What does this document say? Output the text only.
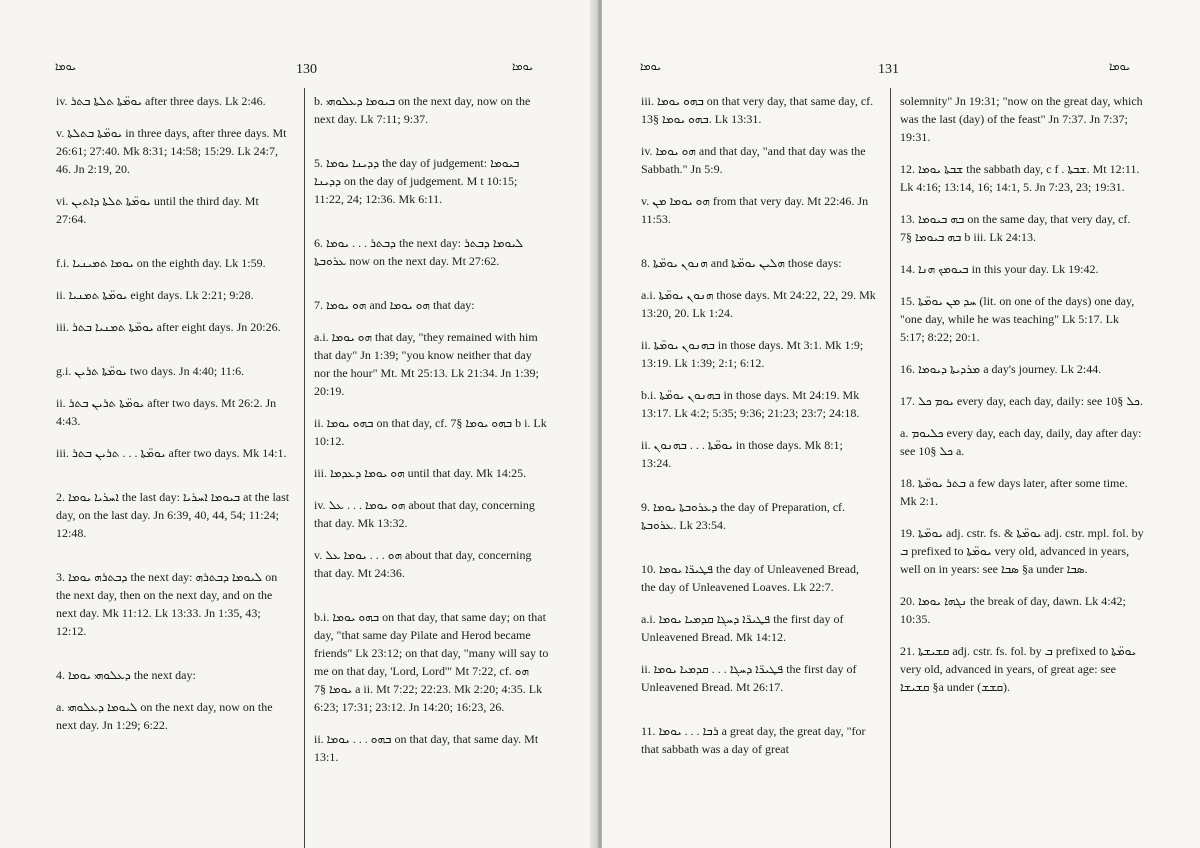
ܝܘܡܐ	130	ܝܘܡܐ

iv. ܝܘܡ̈ܬܐ ܬܠܬܐ ܒܬܪ after three days. Lk 2:46.

v. ܝܘܡ̈ܬܐ ܒܬܠܬܐ in three days, after three days. Mt 26:61; 27:40. Mk 8:31; 14:58; 15:29. Lk 24:7, 46. Jn 2:19, 20.

vi. ܝܘܡ̈ܬܐ ܬܠܬܐ ܕܐܬܝܢ until the third day. Mt 27:64.

f.i. ܝܘܡܐ ܬܡܝܢܝܐ on the eighth day. Lk 1:59.

ii. ܝܘܡ̈ܬܐ ܬܡܢܝܐ eight days. Lk 2:21; 9:28.

iii. ܝܘܡ̈ܬܐ ܬܡܢܝܐ ܒܬܪ after eight days. Jn 20:26.

g.i. ܝܘܡ̈ܬܐ ܬܪܝܢ two days. Jn 4:40; 11:6.

ii. ܝܘܡ̈ܬܐ ܬܪܝܢ ܒܬܪ after two days. Mt 26:2. Jn 4:43.

iii. ܝܘܡ̈ܬܐ . . . ܬܪܝܢ ܒܬܪ after two days. Mk 14:1.

2. ܐܚܪܝܐ ܝܘܡܐ the last day: ܒܝܘܡܐ ܐܚܪܝܐ at the last day, on the last day. Jn 6:39, 40, 44, 54; 11:24; 12:48.

3. ܕܒܬܪܗ ܝܘܡܐ the next day: ܠܝܘܡܐ ܕܒܬܪܗ on the next day, then on the next day, and on the next day. Mk 11:12. Lk 13:33. Jn 1:35, 43; 12:12.

4. ܕܥܠܘܗܝ ܝܘܡܐ the next day:

a. ܠܝܘܡܐ ܕܥܠܘܗܝ on the next day, now on the next day. Jn 1:29; 6:22.

b. ܒܝܘܡܐ ܕܥܠܘܗܝ on the next day, now on the next day. Lk 7:11; 9:37.

5. ܕܕܝܢܐ ܝܘܡܐ the day of judgement: ܒܝܘܡܐ ܕܕܝܢܐ on the day of judgement. M t 10:15; 11:22, 24; 12:36. Mk 6:11.

6. ܕܒܬܪ . . . ܝܘܡܐ the next day: ܠܝܘܡܐ ܕܒܬܪ ܥܪܘܒܬܐ now on the next day. Mt 27:62.

7. ܗܘ ܝܘܡܐ and ܗܘ ܝܘܡܐ that day:

a.i. ܗܘ ܝܘܡܐ that day, "they remained with him that day" Jn 1:39; "you know neither that day nor the hour" Mt. Mt 25:13. Lk 21:34. Jn 1:39; 20:19.

ii. ܒܗܘ ܝܘܡܐ on that day, cf. ܒܗܘ ܝܘܡܐ §7 b i. Lk 10:12.

iii. ܗܘ ܝܘܡܐ ܕܥܕܡܐ until that day. Mk 14:25.

iv. ܗܘ ܝܘܡܐ . . . ܥܠ about that day, concerning that day. Mk 13:32.

v. ܗܘ . . . ܝܘܡܐ ܥܠ about that day, concerning that day. Mt 24:36.

b.i. ܒܗܘ ܝܘܡܐ on that day, that same day; on that day, "that same day Pilate and Herod became friends" Lk 23:12; on that day, "many will say to me on that day, 'Lord, Lord'" Mt 7:22, cf. ܗܘ ܝܘܡܐ §7 a ii. Mt 7:22; 22:23. Mk 2:20; 4:35. Lk 6:23; 17:31; 23:12. Jn 14:20; 16:23, 26.

ii. ܒܗܘ . . . ܝܘܡܐ on that day, that same day. Mt 13:1.

ܝܘܡܐ	131	ܝܘܡܐ

iii. ܒܗܘ ܝܘܡܐ on that very day, that same day, cf. ܒܗܘ ܝܘܡܐ §13. Lk 13:31.

iv. ܗܘ ܝܘܡܐ and that day, "and that day was the Sabbath." Jn 5:9.

v. ܗܘ ܝܘܡܐ ܡܢ from that very day. Mt 22:46. Jn 11:53.

8. ܗܢܘܢ ܝܘܡ̈ܬܐ and ܗܠܝܢ ܝܘܡ̈ܬܐ those days:

a.i. ܗܢܘܢ ܝܘܡ̈ܬܐ those days. Mt 24:22, 22, 29. Mk 13:20, 20. Lk 1:24.

ii. ܒܗܢܘܢ ܝܘܡ̈ܬܐ in those days. Mt 3:1. Mk 1:9; 13:19. Lk 1:39; 2:1; 6:12.

b.i. ܒܗܢܘܢ ܝܘܡ̈ܬܐ in those days. Mt 24:19. Mk 13:17. Lk 4:2; 5:35; 9:36; 21:23; 23:7; 24:18.

ii. ܝܘܡ̈ܬܐ . . . ܒܗܢܘܢ in those days. Mk 8:1; 13:24.

9. ܕܥܪܘܒܬܐ ܝܘܡܐ the day of Preparation, cf. ܥܪܘܒܬܐ. Lk 23:54.

10. ܦܛܝܪ̈ܐ ܝܘܡܐ the day of Unleavened Bread, the day of Unleavened Loaves. Lk 22:7.

a.i. ܦܛܝܪ̈ܐ ܕܚܓܐ ܩܕܡܝܐ ܝܘܡܐ the first day of Unleavened Bread. Mk 14:12.

ii. ܦܛܝܪ̈ܐ ܕܚܓܐ . . . ܩܕܡܝܐ ܝܘܡܐ the first day of Unleavened Bread. Mt 26:17.

11. ܪܒܐ . . . ܝܘܡܐ a great day, the great day, "for that sabbath was a day of great

solemnity" Jn 19:31; "now on the great day, which was the last (day) of the feast" Jn 7:37. Jn 7:37; 19:31.

12. ܫܒܬܐ ܝܘܡܐ the sabbath day, c f . ܫܒܬܐ. Mt 12:11. Lk 4:16; 13:14, 16; 14:1, 5. Jn 7:23, 23; 19:31.

13. ܒܗ ܒܝܘܡܐ on the same day, that very day, cf. ܒܗ ܒܝܘܡܐ §7 b iii. Lk 24:13.

14. ܒܝܘܡܟ ܗܢܐ in this your day. Lk 19:42.

15. ܚܕ ܡܢ ܝܘܡ̈ܬܐ (lit. on one of the days) one day, "one day, while he was teaching" Lk 5:17. Lk 5:17; 8:22; 20:1.

16. ܡܪܕܝܬܐ ܕܝܘܡܐ a day's journey. Lk 2:44.

17. ܝܘܡ ܟܠ every day, each day, daily: see ܟܠ §10.

a. ܟܠܝܘܡ every day, each day, daily, day after day: see ܟܠ §10 a.

18. ܒܬܪ ܝܘܡ̈ܬܐ a few days later, after some time. Mk 2:1.

19. ܝܘܡ̈ܬܐ adj. cstr. fs. & ܝܘܡ̈ܬܐ adj. cstr. mpl. fol. by ܒ prefixed to ܝܘܡ̈ܬܐ very old, advanced in years, well on in years: see ܣܒܐ §a under ܣܒܐ.

20. ܢܓܗܐ ܝܘܡܐ the break of day, dawn. Lk 4:42; 10:35.

21. ܩܫܝܫܬܐ adj. cstr. fs. fol. by ܒ prefixed to ܝܘܡ̈ܬܐ very old, advanced in years, of great age: see ܩܫܝܫܐ §a under (ܩܫܫ).
